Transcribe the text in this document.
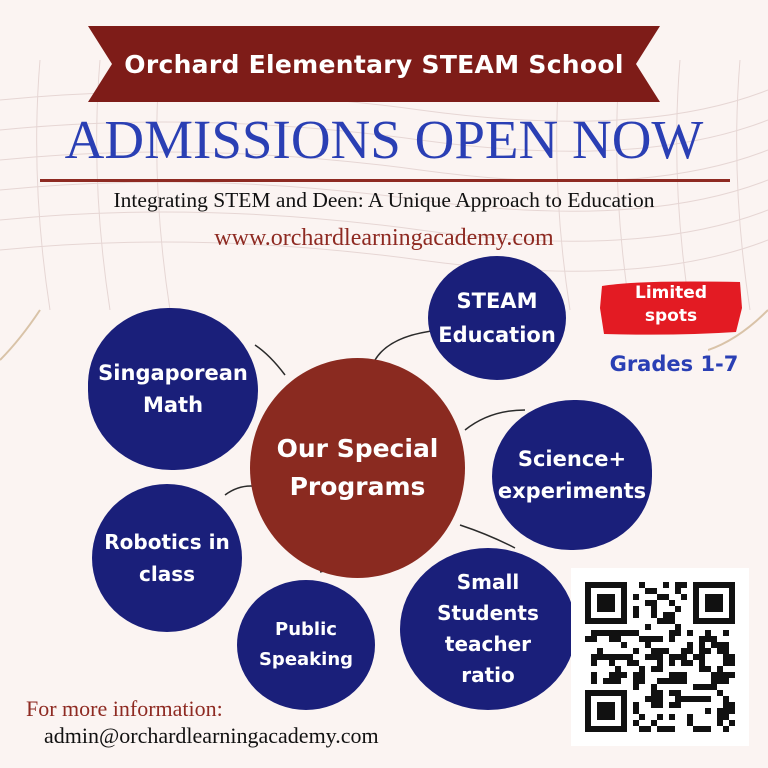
Orchard Elementary STEAM School
ADMISSIONS OPEN NOW
Integrating STEM and Deen: A Unique Approach to Education
www.orchardlearningacademy.com
Our Special
Programs
STEAM
Education
Singaporean
Math
Science+
experiments
Robotics in
class	Small
Students
teacher
ratio
Public
Speaking
Limited
spots
Grades 1-7
For more information:
admin@orchardlearningacademy.com
